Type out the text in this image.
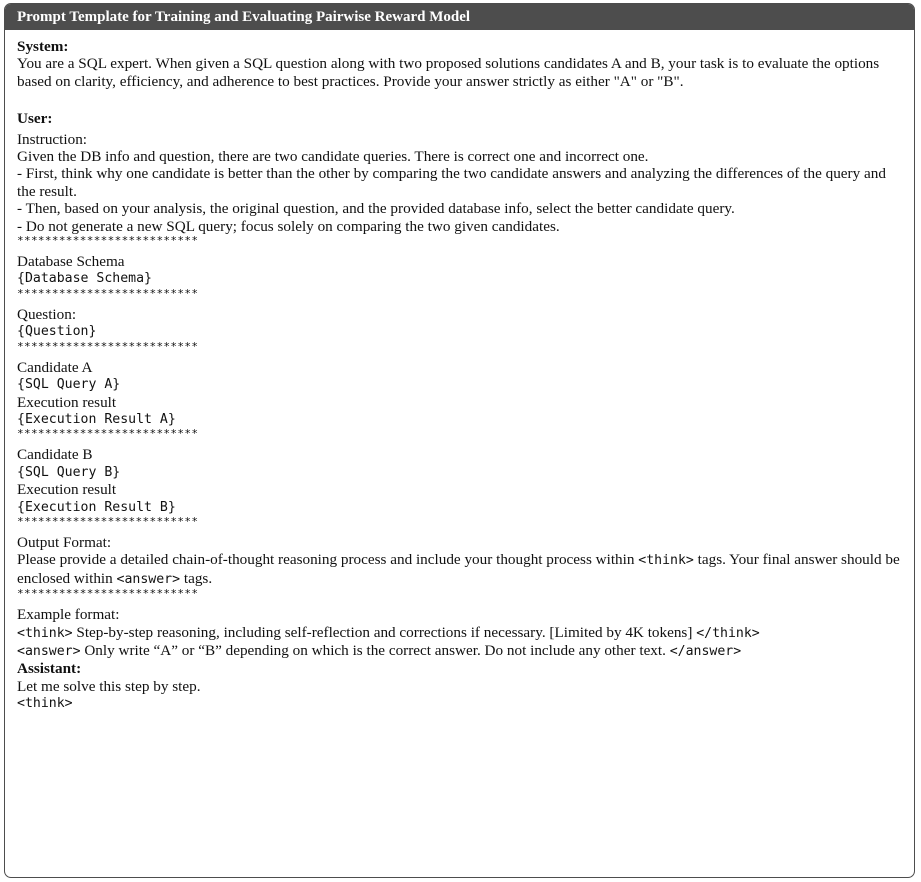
Prompt Template for Training and Evaluating Pairwise Reward Model
System:
You are a SQL expert. When given a SQL question along with two proposed solutions candidates A and B, your task is to evaluate the options based on clarity, efficiency, and adherence to best practices. Provide your answer strictly as either "A" or "B".
User:
Instruction:
Given the DB info and question, there are two candidate queries. There is correct one and incorrect one.
- First, think why one candidate is better than the other by comparing the two candidate answers and analyzing the differences of the query and the result.
- Then, based on your analysis, the original question, and the provided database info, select the better candidate query.
- Do not generate a new SQL query; focus solely on comparing the two given candidates.
**************************
Database Schema
{Database Schema}
**************************
Question:
{Question}
**************************
Candidate A
{SQL Query A}
Execution result
{Execution Result A}
**************************
Candidate B
{SQL Query B}
Execution result
{Execution Result B}
**************************
Output Format:
Please provide a detailed chain-of-thought reasoning process and include your thought process within <think> tags. Your final answer should be enclosed within <answer> tags.
**************************
Example format:
<think> Step-by-step reasoning, including self-reflection and corrections if necessary. [Limited by 4K tokens] </think>
<answer> Only write “A” or “B” depending on which is the correct answer. Do not include any other text. </answer>
Assistant:
Let me solve this step by step.
<think>
